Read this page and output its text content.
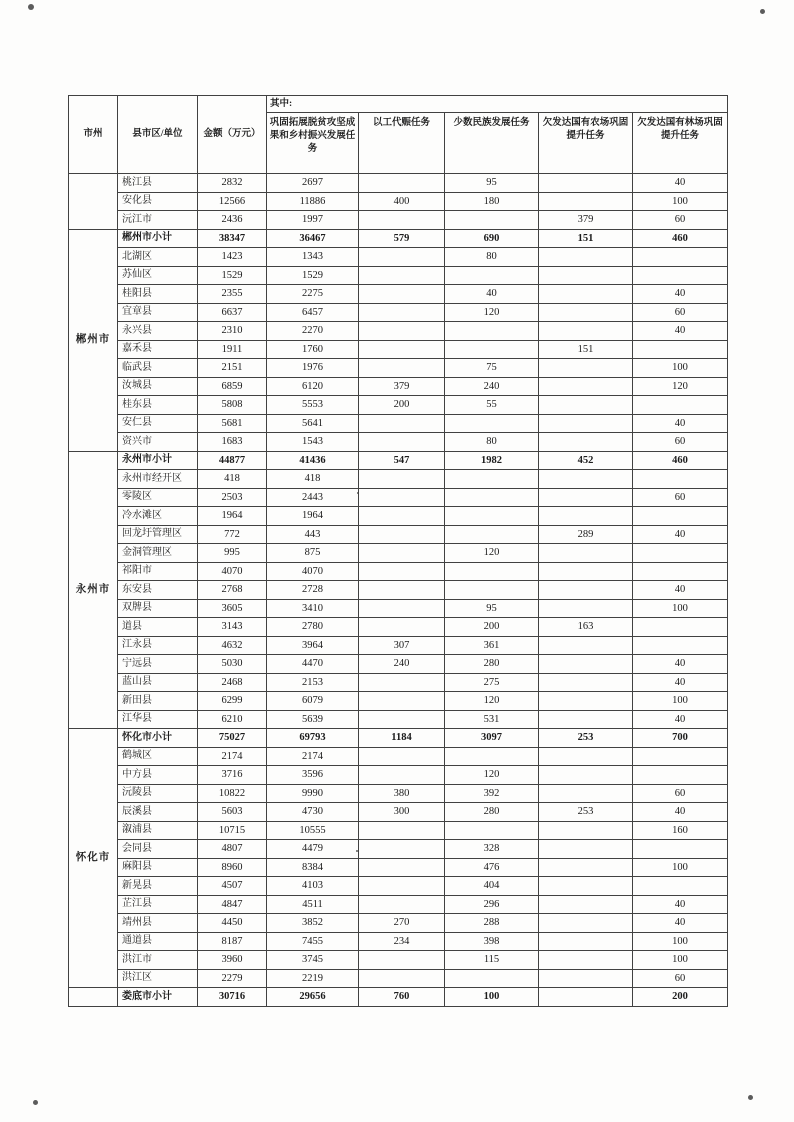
市州	县市区/单位	金额（万元）	其中:				
			巩固拓展脱贫攻坚成果和乡村振兴发展任务	以工代赈任务	少数民族发展任务	欠发达国有农场巩固提升任务	欠发达国有林场巩固提升任务
	桃江县	2832	2697		95		40
	安化县	12566	11886	400	180		100
	沅江市	2436	1997			379	60
郴州市	郴州市小计	38347	36467	579	690	151	460
	北湖区	1423	1343		80		
	苏仙区	1529	1529				
	桂阳县	2355	2275		40		40
	宜章县	6637	6457		120		60
	永兴县	2310	2270				40
	嘉禾县	1911	1760			151	
	临武县	2151	1976		75		100
	汝城县	6859	6120	379	240		120
	桂东县	5808	5553	200	55		
	安仁县	5681	5641				40
	资兴市	1683	1543		80		60
永州市	永州市小计	44877	41436	547	1982	452	460
	永州市经开区	418	418				
	零陵区	2503	2443				60
	冷水滩区	1964	1964				
	回龙圩管理区	772	443			289	40
	金洞管理区	995	875		120		
	祁阳市	4070	4070				
	东安县	2768	2728				40
	双牌县	3605	3410		95		100
	道县	3143	2780		200	163	
	江永县	4632	3964	307	361		
	宁远县	5030	4470	240	280		40
	蓝山县	2468	2153		275		40
	新田县	6299	6079		120		100
	江华县	6210	5639		531		40
怀化市	怀化市小计	75027	69793	1184	3097	253	700
	鹤城区	2174	2174				
	中方县	3716	3596		120		
	沅陵县	10822	9990	380	392		60
	辰溪县	5603	4730	300	280	253	40
	溆浦县	10715	10555				160
	会同县	4807	4479		328		
	麻阳县	8960	8384		476		100
	新晃县	4507	4103		404		
	芷江县	4847	4511		296		40
	靖州县	4450	3852	270	288		40
	通道县	8187	7455	234	398		100
	洪江市	3960	3745		115		100
	洪江区	2279	2219				60
	娄底市小计	30716	29656	760	100		200
